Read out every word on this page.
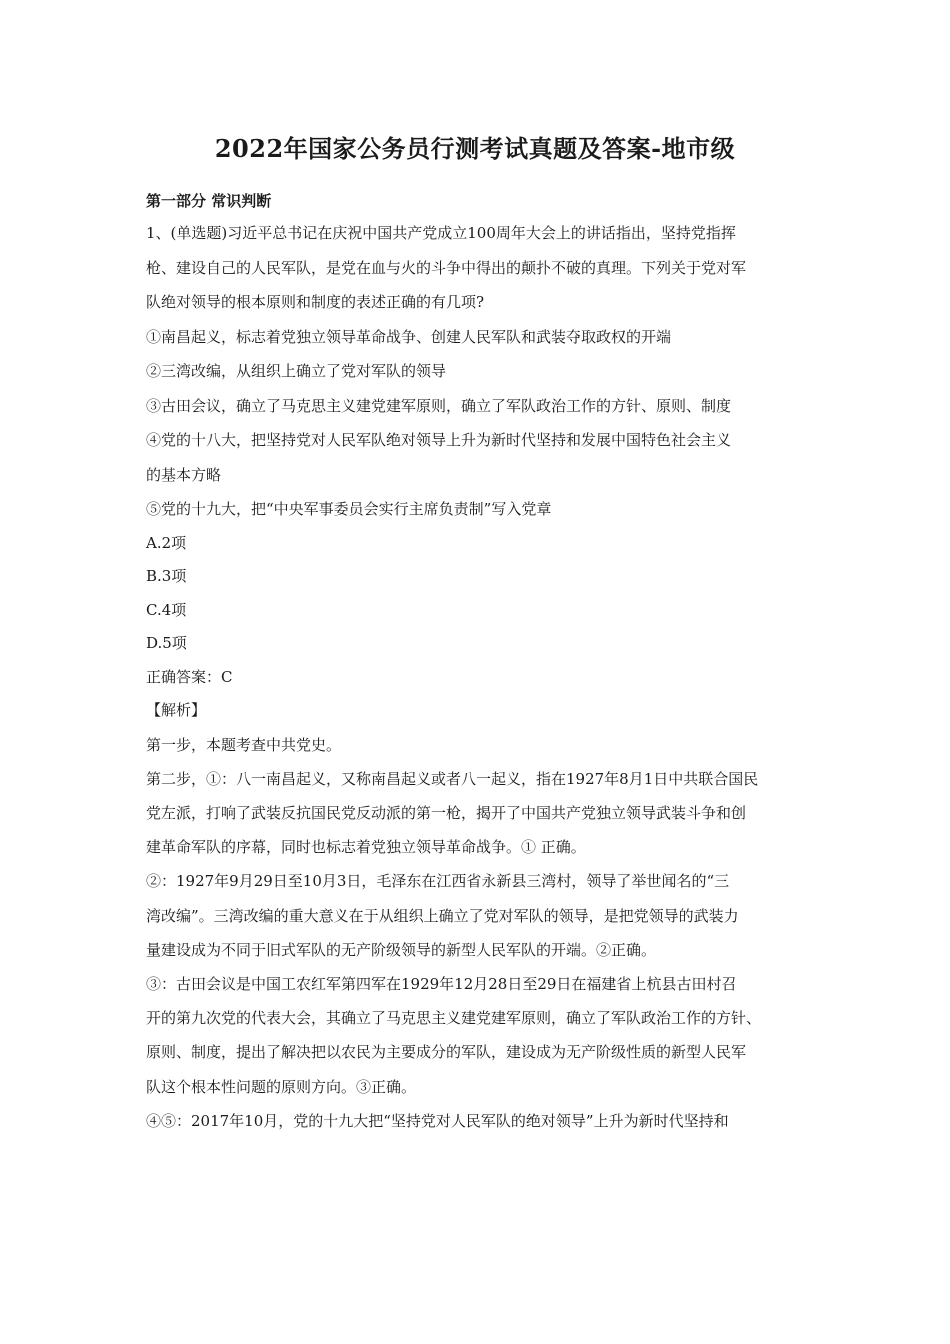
2022年国家公务员行测考试真题及答案-地市级
第一部分 常识判断

1、(单选题)习近平总书记在庆祝中国共产党成立100周年大会上的讲话指出，坚持党指挥

枪、建设自己的人民军队，是党在血与火的斗争中得出的颠扑不破的真理。下列关于党对军

队绝对领导的根本原则和制度的表述正确的有几项?

①南昌起义，标志着党独立领导革命战争、创建人民军队和武装夺取政权的开端

②三湾改编，从组织上确立了党对军队的领导

③古田会议，确立了马克思主义建党建军原则，确立了军队政治工作的方针、原则、制度

④党的十八大，把坚持党对人民军队绝对领导上升为新时代坚持和发展中国特色社会主义

的基本方略

⑤党的十九大，把“中央军事委员会实行主席负责制”写入党章

A.2项

B.3项

C.4项

D.5项

正确答案：C

【解析】

第一步，本题考查中共党史。

第二步，①：八一南昌起义，又称南昌起义或者八一起义，指在1927年8月1日中共联合国民

党左派，打响了武装反抗国民党反动派的第一枪，揭开了中国共产党独立领导武装斗争和创

建革命军队的序幕，同时也标志着党独立领导革命战争。① 正确。

②：1927年9月29日至10月3日，毛泽东在江西省永新县三湾村，领导了举世闻名的“三

湾改编”。三湾改编的重大意义在于从组织上确立了党对军队的领导，是把党领导的武装力

量建设成为不同于旧式军队的无产阶级领导的新型人民军队的开端。②正确。

③：古田会议是中国工农红军第四军在1929年12月28日至29日在福建省上杭县古田村召

开的第九次党的代表大会，其确立了马克思主义建党建军原则，确立了军队政治工作的方针、

原则、制度，提出了解决把以农民为主要成分的军队，建设成为无产阶级性质的新型人民军

队这个根本性问题的原则方向。③正确。

④⑤：2017年10月，党的十九大把“坚持党对人民军队的绝对领导”上升为新时代坚持和
